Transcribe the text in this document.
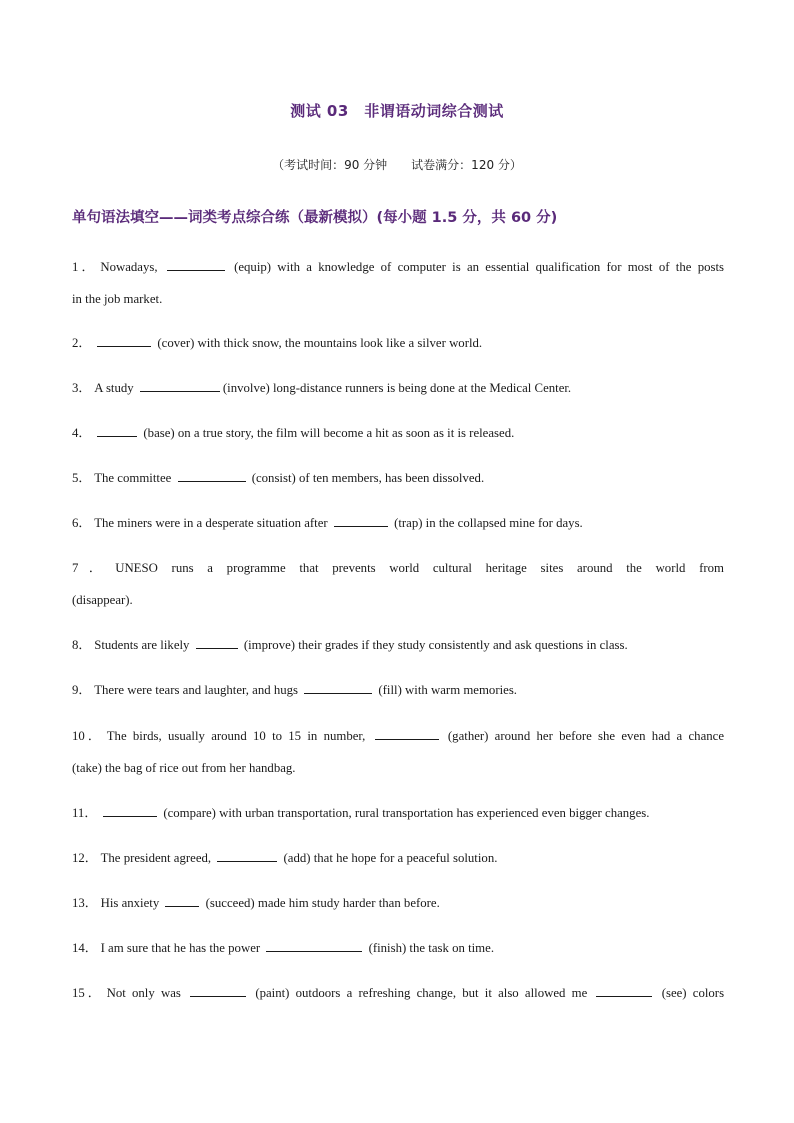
测试 03　非谓语动词综合测试
（考试时间：90 分钟　　试卷满分：120 分）
单句语法填空——词类考点综合练（最新模拟）(每小题 1.5 分，共 60 分)
1． Nowadays,	(equip) with a knowledge of computer is an essential qualification for most of the posts
in the job market.
2．	(cover) with thick snow, the mountains look like a silver world.
3． A study	(involve) long-distance runners is being done at the Medical Center.
4．	(base) on a true story, the film will become a hit as soon as it is released.
5． The committee	(consist) of ten members, has been dissolved.
6． The miners were in a desperate situation after	(trap) in the collapsed mine for days.
7． UNESO runs a programme that prevents world cultural heritage sites around the world from
(disappear).
8． Students are likely	(improve) their grades if they study consistently and ask questions in class.
9． There were tears and laughter, and hugs	(fill) with warm memories.
10． The birds, usually around 10 to 15 in number,	(gather) around her before she even had a chance
(take) the bag of rice out from her handbag.
11．	(compare) with urban transportation, rural transportation has experienced even bigger changes.
12． The president agreed,	(add) that he hope for a peaceful solution.
13． His anxiety	(succeed) made him study harder than before.
14． I am sure that he has the power	(finish) the task on time.
15． Not only was	(paint) outdoors a refreshing change, but it also allowed me	(see) colors
